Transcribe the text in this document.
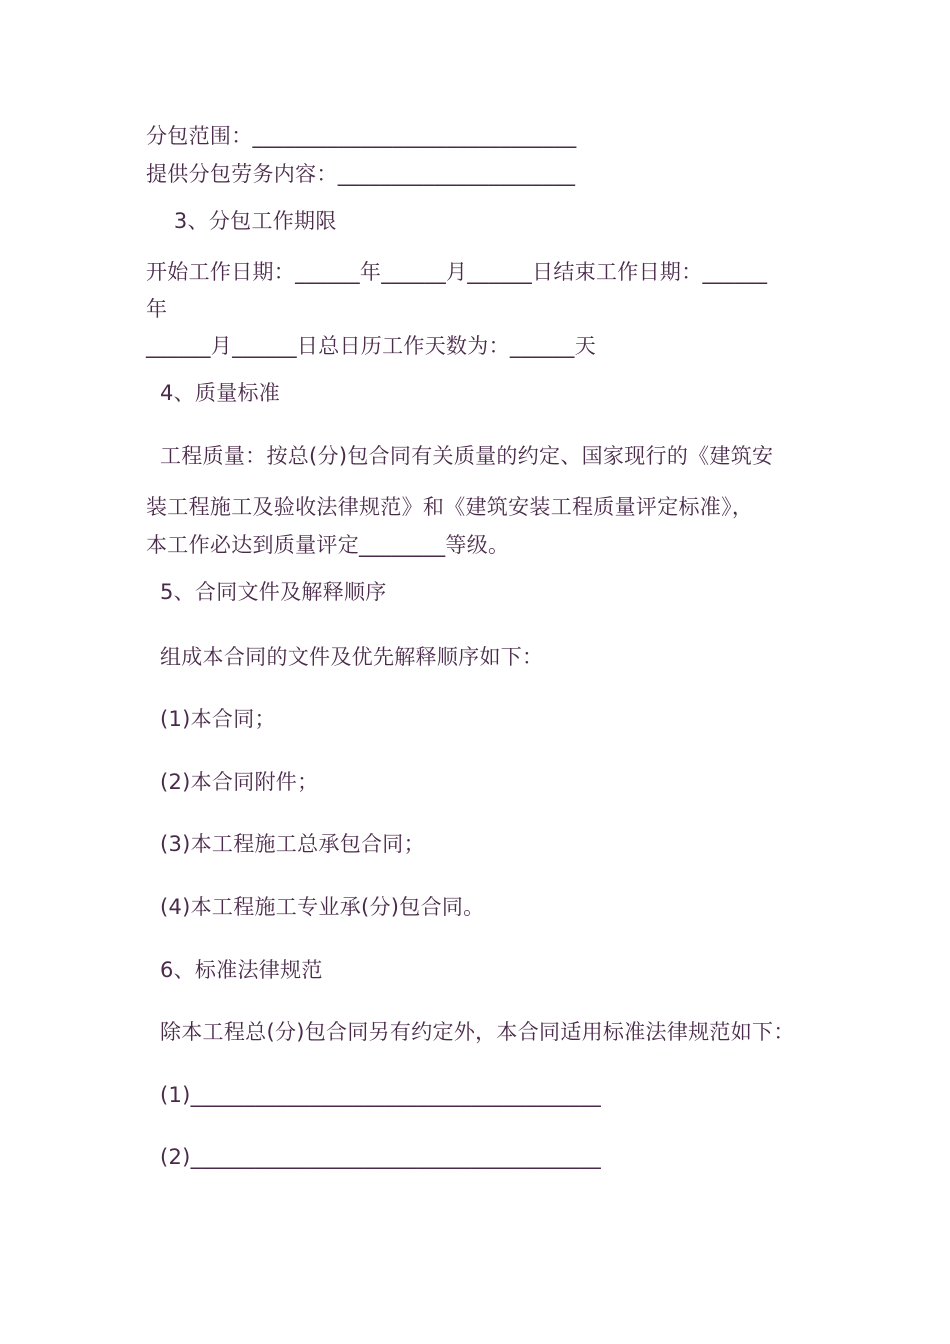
分包范围：______________________________
提供分包劳务内容：______________________
3、分包工作期限
开始工作日期：______年______月______日结束工作日期：______
年
______月______日总日历工作天数为：______天
4、质量标准
工程质量：按总(分)包合同有关质量的约定、国家现行的《建筑安
装工程施工及验收法律规范》和《建筑安装工程质量评定标准》，
本工作必达到质量评定________等级。
5、合同文件及解释顺序
组成本合同的文件及优先解释顺序如下：
(1)本合同；
(2)本合同附件；
(3)本工程施工总承包合同；
(4)本工程施工专业承(分)包合同。
6、标准法律规范
除本工程总(分)包合同另有约定外，本合同适用标准法律规范如下：
(1)______________________________________
(2)______________________________________
